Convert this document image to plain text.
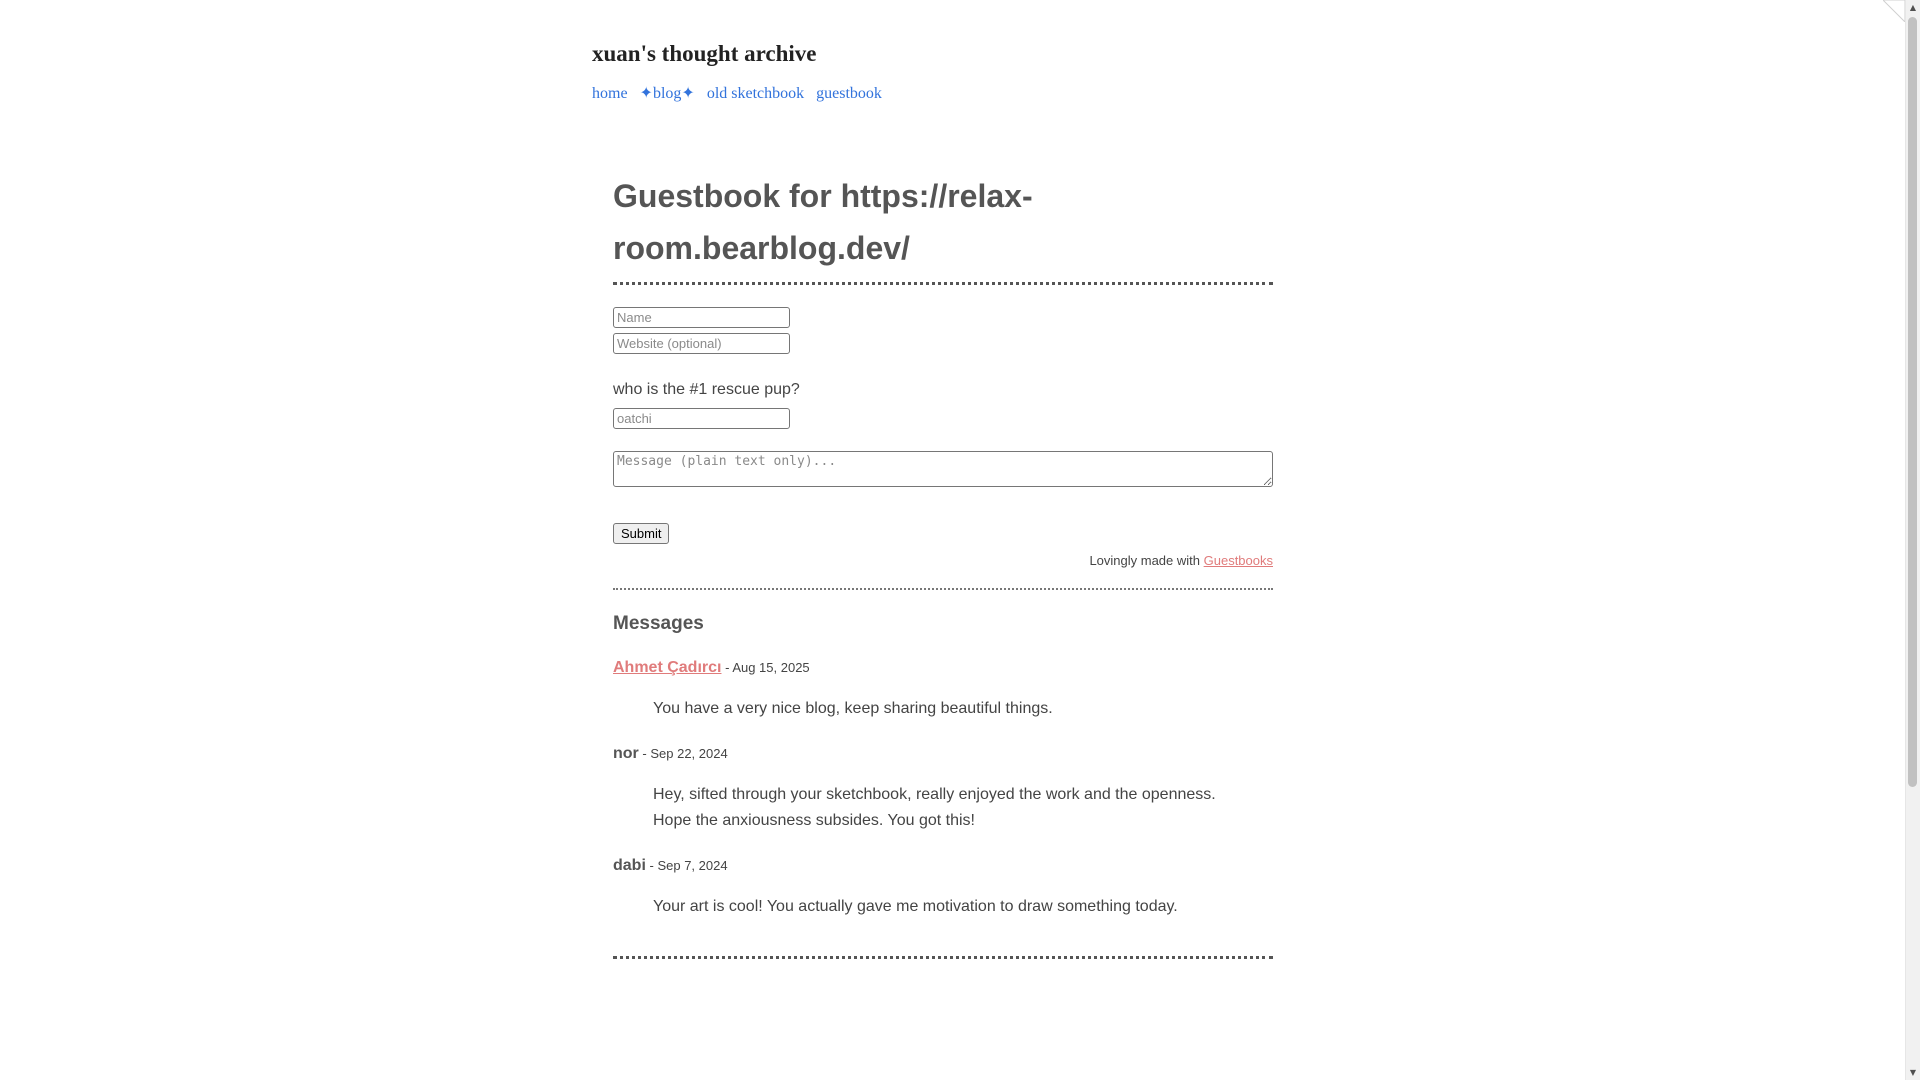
▲
▼
xuan's thought archive
home ✦blog✦ old sketchbook guestbook
Guestbook for https://relax-room.bearblog.dev/
Name
Website (optional)
who is the #1 rescue pup?
oatchi
Message (plain text only)...
Submit
Lovingly made with Guestbooks
Messages
Ahmet Çadırcı - Aug 15, 2025
You have a very nice blog, keep sharing beautiful things.
nor - Sep 22, 2024
Hey, sifted through your sketchbook, really enjoyed the work and the openness.
Hope the anxiousness subsides. You got this!
dabi - Sep 7, 2024
Your art is cool! You actually gave me motivation to draw something today.
